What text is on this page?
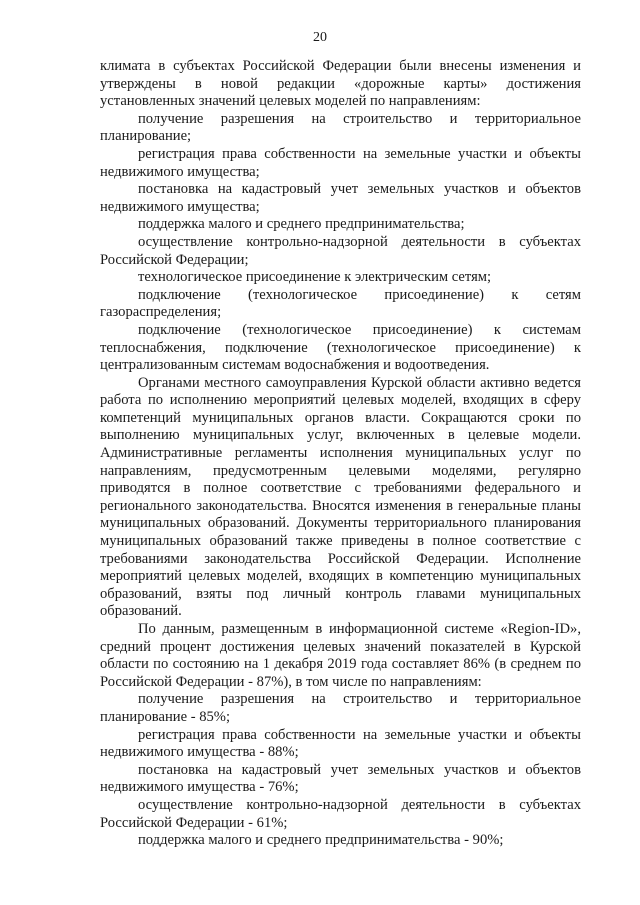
20

климата в субъектах Российской Федерации были внесены изменения и утверждены в новой редакции «дорожные карты» достижения установленных значений целевых моделей по направлениям:

получение разрешения на строительство и территориальное планирование;

регистрация права собственности на земельные участки и объекты недвижимого имущества;

постановка на кадастровый учет земельных участков и объектов недвижимого имущества;

поддержка малого и среднего предпринимательства;

осуществление контрольно-надзорной деятельности в субъектах Российской Федерации;

технологическое присоединение к электрическим сетям;

подключение (технологическое присоединение) к сетям газораспределения;

подключение (технологическое присоединение) к системам теплоснабжения, подключение (технологическое присоединение) к централизованным системам водоснабжения и водоотведения.

Органами местного самоуправления Курской области активно ведется работа по исполнению мероприятий целевых моделей, входящих в сферу компетенций муниципальных органов власти. Сокращаются сроки по выполнению муниципальных услуг, включенных в целевые модели. Административные регламенты исполнения муниципальных услуг по направлениям, предусмотренным целевыми моделями, регулярно приводятся в полное соответствие с требованиями федерального и регионального законодательства. Вносятся изменения в генеральные планы муниципальных образований. Документы территориального планирования муниципальных образований также приведены в полное соответствие с требованиями законодательства Российской Федерации. Исполнение мероприятий целевых моделей, входящих в компетенцию муниципальных образований, взяты под личный контроль главами муниципальных образований.

По данным, размещенным в информационной системе «Region-ID», средний процент достижения целевых значений показателей в Курской области по состоянию на 1 декабря 2019 года составляет 86% (в среднем по Российской Федерации - 87%), в том числе по направлениям:

получение разрешения на строительство и территориальное планирование - 85%;

регистрация права собственности на земельные участки и объекты недвижимого имущества - 88%;

постановка на кадастровый учет земельных участков и объектов недвижимого имущества - 76%;

осуществление контрольно-надзорной деятельности в субъектах Российской Федерации - 61%;

поддержка малого и среднего предпринимательства - 90%;
